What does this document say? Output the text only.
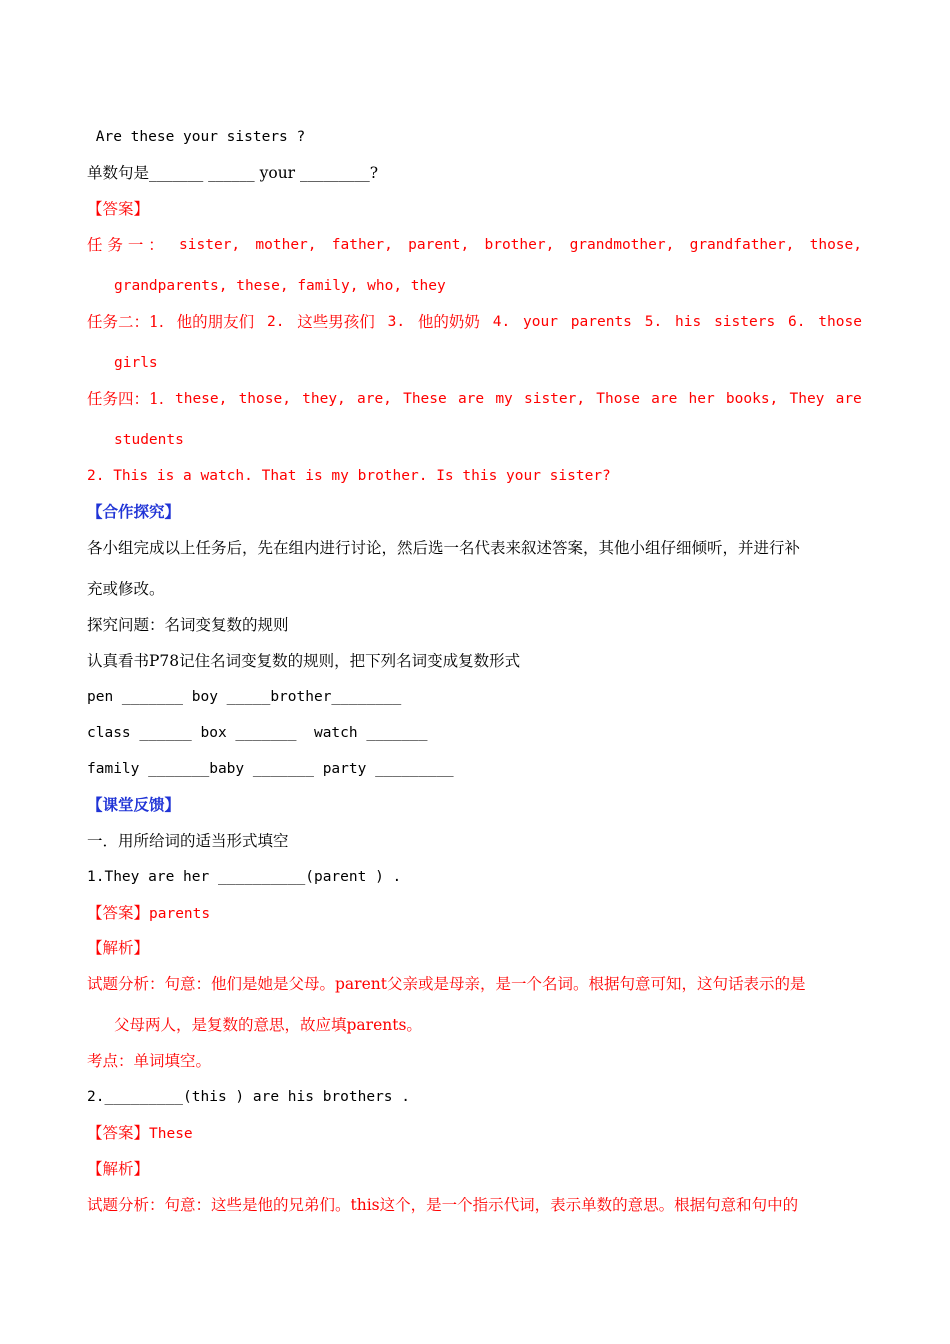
Are these your sisters ?
单数句是_______ ______ your _________?
【答案】
任 务 一 ： sister, mother, father, parent, brother, grandmother, grandfather, those,
grandparents, these, family, who, they
任务二：1. 他的朋友们 2. 这些男孩们 3. 他的奶奶 4. your parents 5. his sisters 6. those
girls
任务四：1. these, those, they, are, These are my sister, Those are her books, They are
students
2. This is a watch. That is my brother. Is this your sister?
【合作探究】
各小组完成以上任务后，先在组内进行讨论，然后选一名代表来叙述答案，其他小组仔细倾听，并进行补
充或修改。
探究问题：名词变复数的规则
认真看书P78记住名词变复数的规则，把下列名词变成复数形式
pen _______ boy _____brother________
class ______ box _______  watch _______
family _______baby _______ party _________
【课堂反馈】
一．用所给词的适当形式填空
1.They are her __________(parent ) .
【答案】parents
【解析】
试题分析：句意：他们是她是父母。parent父亲或是母亲，是一个名词。根据句意可知，这句话表示的是
父母两人，是复数的意思，故应填parents。
考点：单词填空。
2._________(this ) are his brothers .
【答案】These
【解析】
试题分析：句意：这些是他的兄弟们。this这个，是一个指示代词，表示单数的意思。根据句意和句中的
